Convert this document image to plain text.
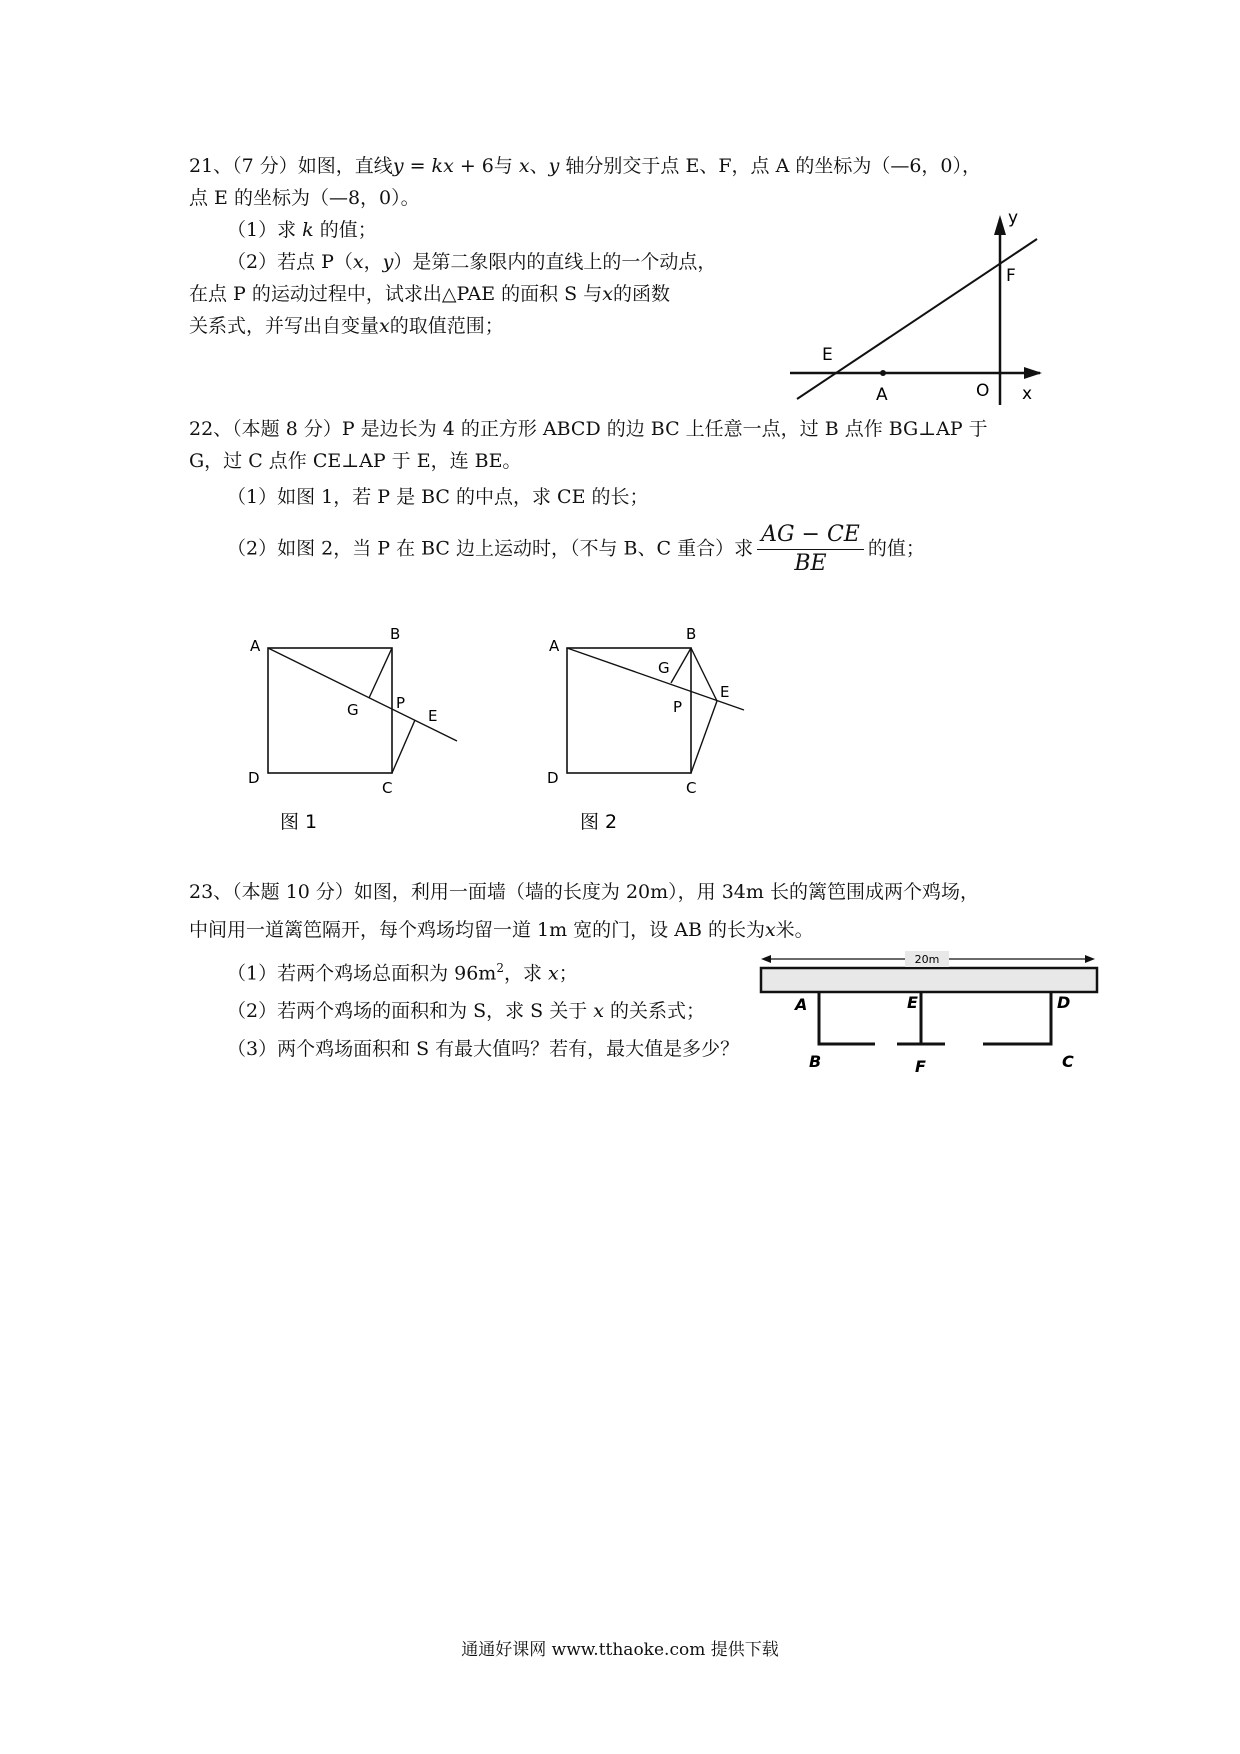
21、（7 分）如图，直线y = kx + 6与 x、y 轴分别交于点 E、F，点 A 的坐标为（—6，0），
点 E 的坐标为（—8，0）。
（1）求 k 的值；
（2）若点 P（x，y）是第二象限内的直线上的一个动点，
在点 P 的运动过程中，试求出△PAE 的面积 S 与x的函数
关系式，并写出自变量x的取值范围；
y
x
F
E
A	O
22、（本题 8 分）P 是边长为 4 的正方形 ABCD 的边 BC 上任意一点，过 B 点作 BG⊥AP 于
G，过 C 点作 CE⊥AP 于 E，连 BE。
（1）如图 1，若 P 是 BC 的中点，求 CE 的长；
（2）如图 2，当 P 在 BC 边上运动时，（不与 B、C 重合）求 $\frac{AG - CE}{BE}$ 的值；
A
B
G P
E
D
C
图 1
A
B
G
P
E
D
C
图 2
23、（本题 10 分）如图，利用一面墙（墙的长度为 20m），用 34m 长的篱笆围成两个鸡场，
中间用一道篱笆隔开，每个鸡场均留一道 1m 宽的门，设 AB 的长为x米。
（1）若两个鸡场总面积为 $96m^2$，求 x；
（2）若两个鸡场的面积和为 S，求 S 关于 x 的关系式；
（3）两个鸡场面积和 S 有最大值吗？若有，最大值是多少？
20m
A	E	D
B	F	C
通通好课网 www.tthaoke.com 提供下载
